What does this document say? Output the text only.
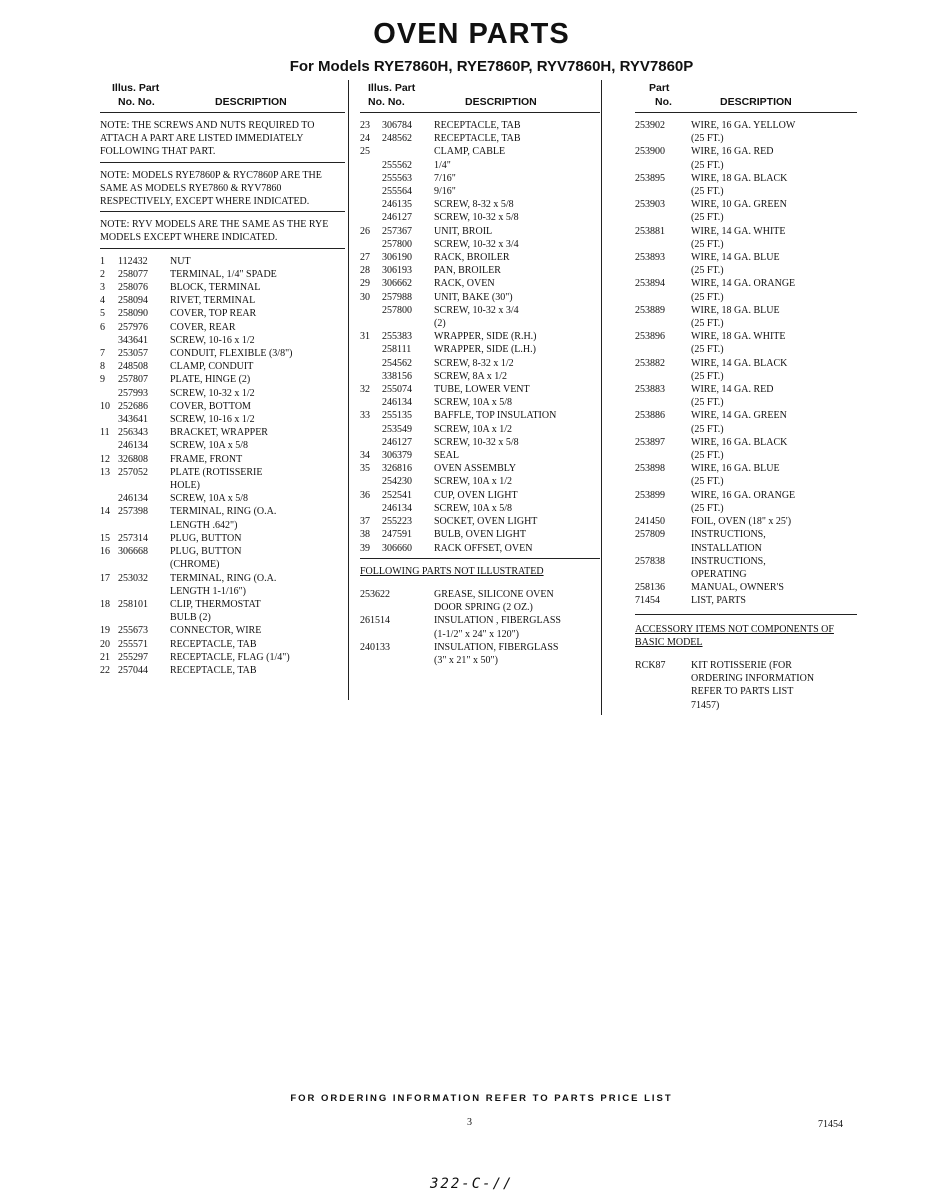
OVEN PARTS
For Models RYE7860H, RYE7860P, RYV7860H, RYV7860P
Illus. Part
No. No.	DESCRIPTION
NOTE: THE SCREWS AND NUTS REQUIRED TO ATTACH A PART ARE LISTED IMMEDIATELY FOLLOWING THAT PART.
NOTE: MODELS RYE7860P & RYC7860P ARE THE SAME AS MODELS RYE7860 & RYV7860 RESPECTIVELY, EXCEPT WHERE INDICATED.
NOTE: RYV MODELS ARE THE SAME AS THE RYE MODELS EXCEPT WHERE INDICATED.
1	112432	NUT
2	258077	TERMINAL, 1/4" SPADE
3	258076	BLOCK, TERMINAL
4	258094	RIVET, TERMINAL
5	258090	COVER, TOP REAR
6	257976	COVER, REAR
343641	SCREW, 10-16 x 1/2
7	253057	CONDUIT, FLEXIBLE (3/8")
8	248508	CLAMP, CONDUIT
9	257807	PLATE, HINGE (2)
257993	SCREW, 10-32 x 1/2
10 252686	COVER, BOTTOM
343641	SCREW, 10-16 x 1/2
11 256343	BRACKET, WRAPPER
246134	SCREW, 10A x 5/8
12 326808	FRAME, FRONT
13 257052	PLATE (ROTISSERIE
HOLE)
246134	SCREW, 10A x 5/8
14 257398	TERMINAL, RING (O.A.
LENGTH .642")
15 257314	PLUG, BUTTON
16 306668	PLUG, BUTTON
(CHROME)
17 253032	TERMINAL, RING (O.A.
LENGTH 1-1/16")
18 258101	CLIP, THERMOSTAT
BULB (2)
19 255673	CONNECTOR, WIRE
20 255571	RECEPTACLE, TAB
21 255297	RECEPTACLE, FLAG (1/4")
22 257044	RECEPTACLE, TAB
Illus. Part
No. No.	DESCRIPTION
23	306784	RECEPTACLE, TAB
24	248562	RECEPTACLE, TAB
25	CLAMP, CABLE
255562	1/4"
255563	7/16"
255564	9/16"
246135	SCREW, 8-32 x 5/8
246127	SCREW, 10-32 x 5/8
26	257367	UNIT, BROIL
257800	SCREW, 10-32 x 3/4
27	306190	RACK, BROILER
28	306193	PAN, BROILER
29	306662	RACK, OVEN
30	257988	UNIT, BAKE (30")
257800	SCREW, 10-32 x 3/4
(2)
31	255383	WRAPPER, SIDE (R.H.)
258111	WRAPPER, SIDE (L.H.)
254562	SCREW, 8-32 x 1/2
338156	SCREW, 8A x 1/2
32	255074	TUBE, LOWER VENT
246134	SCREW, 10A x 5/8
33	255135	BAFFLE, TOP INSULATION
253549	SCREW, 10A x 1/2
246127	SCREW, 10-32 x 5/8
34	306379	SEAL
35	326816	OVEN ASSEMBLY
254230	SCREW, 10A x 1/2
36	252541	CUP, OVEN LIGHT
246134	SCREW, 10A x 5/8
37	255223	SOCKET, OVEN LIGHT
38	247591	BULB, OVEN LIGHT
39	306660	RACK OFFSET, OVEN
FOLLOWING PARTS NOT ILLUSTRATED
253622	GREASE, SILICONE OVEN
DOOR SPRING (2 OZ.)
261514	INSULATION , FIBERGLASS
(1-1/2" x 24" x 120")
240133	INSULATION, FIBERGLASS
(3" x 21" x 50")
Part
No.	DESCRIPTION
253902	WIRE, 16 GA. YELLOW
(25 FT.)
253900	WIRE, 16 GA. RED
(25 FT.)
253895	WIRE, 18 GA. BLACK
(25 FT.)
253903	WIRE, 10 GA. GREEN
(25 FT.)
253881	WIRE, 14 GA. WHITE
(25 FT.)
253893	WIRE, 14 GA. BLUE
(25 FT.)
253894	WIRE, 14 GA. ORANGE
(25 FT.)
253889	WIRE, 18 GA. BLUE
(25 FT.)
253896	WIRE, 18 GA. WHITE
(25 FT.)
253882	WIRE, 14 GA. BLACK
(25 FT.)
253883	WIRE, 14 GA. RED
(25 FT.)
253886	WIRE, 14 GA. GREEN
(25 FT.)
253897	WIRE, 16 GA. BLACK
(25 FT.)
253898	WIRE, 16 GA. BLUE
(25 FT.)
253899	WIRE, 16 GA. ORANGE
(25 FT.)
241450	FOIL, OVEN (18" x 25')
257809	INSTRUCTIONS,
INSTALLATION
257838	INSTRUCTIONS,
OPERATING
258136	MANUAL, OWNER'S
71454	LIST, PARTS
ACCESSORY ITEMS NOT COMPONENTS OF BASIC MODEL
RCK87	KIT ROTISSERIE (FOR
ORDERING INFORMATION
REFER TO PARTS LIST
71457)
FOR ORDERING INFORMATION REFER TO PARTS PRICE LIST
3	71454
322-C-//
